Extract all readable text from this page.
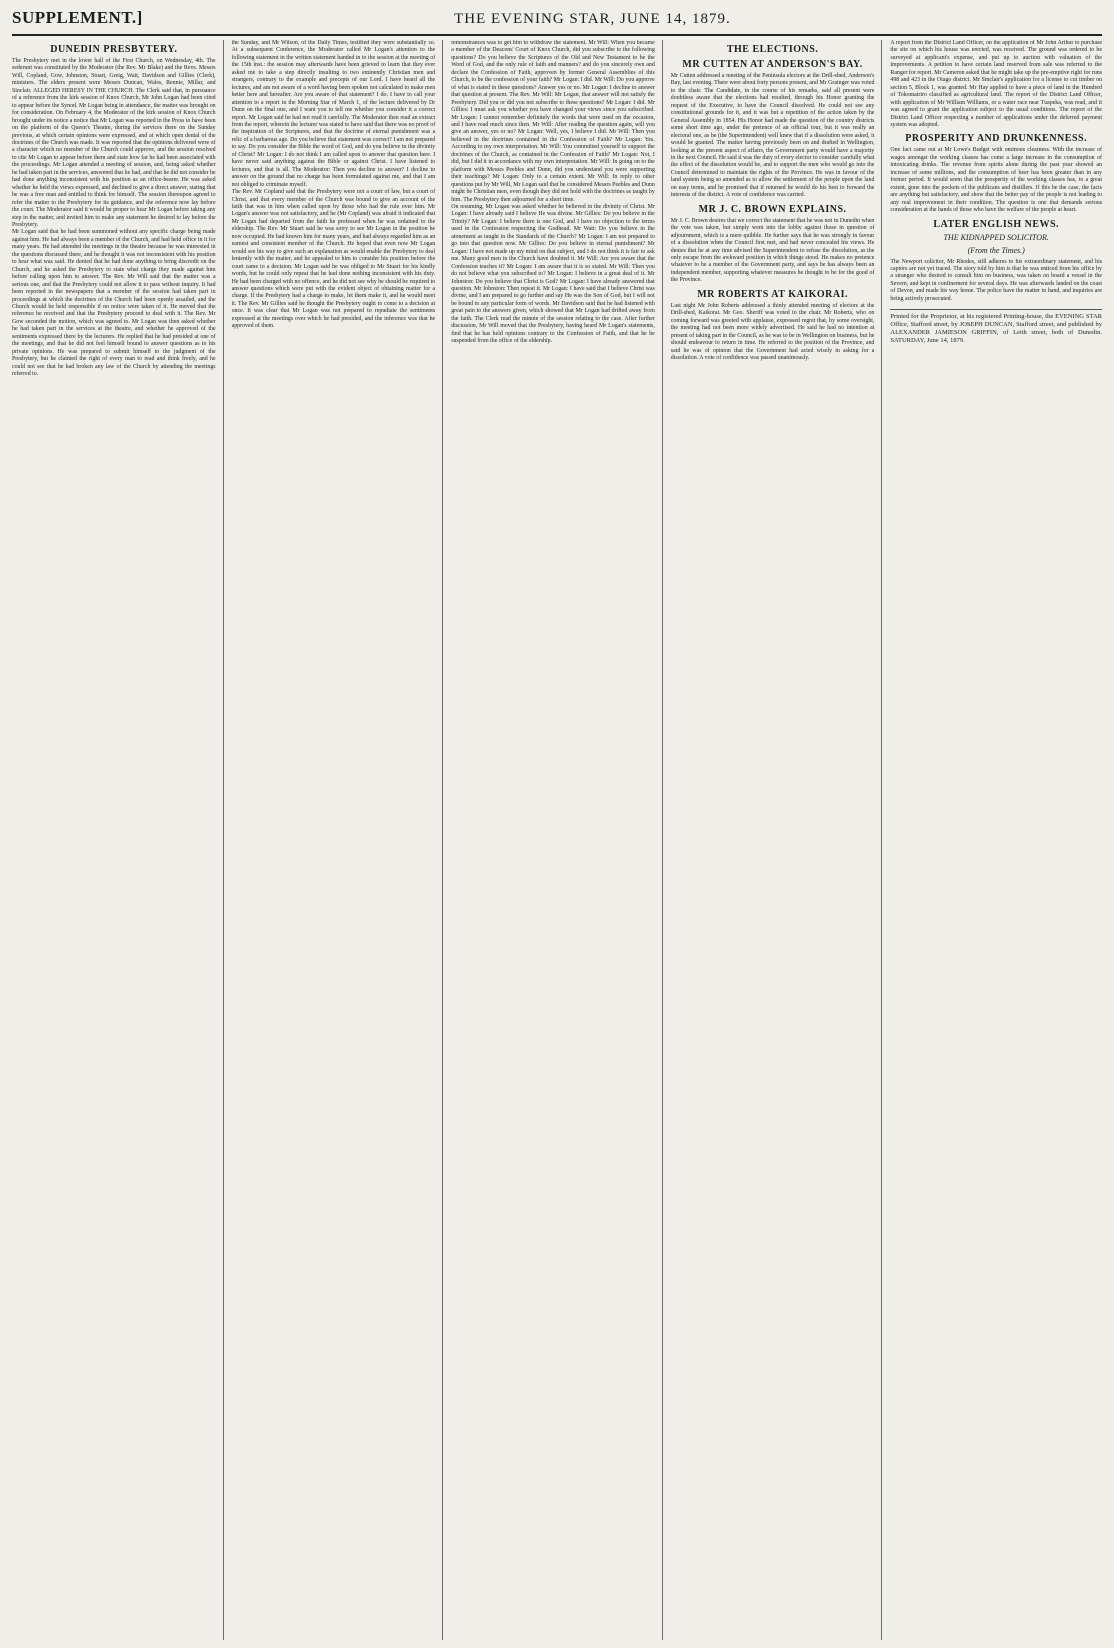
SUPPLEMENT.]	THE EVENING STAR, JUNE 14, 1879.
DUNEDIN PRESBYTERY.
The Presbytery met in the lower hall of the First Church, on Wednesday, 4th. The sederunt was constituted by the Moderator (the Rev. Mr Blake) and the Revs. Messrs Will, Copland, Gow, Johnston, Stuart, Greig, Watt, Davidson and Gillies (Clerk), ministers. The elders present were Messrs Duncan, Wales, Rennie, Millar, and Sinclair. ALLEGED HERESY IN THE CHURCH. The Clerk said that, in pursuance of a reference from the kirk session of Knox Church, Mr John Logan had been cited to appear before the Synod. Mr Logan being in attendance, the matter was brought on for consideration. On February 4, the Moderator of the kirk session of Knox Church brought under its notice a notice that Mr Logan was reported in the Press to have been on the platform of the Queen's Theatre, during the services there on the Sunday previous, at which certain opinions were expressed, and at which open denial of the doctrines of the Church was made. It was reported that the opinions delivered were of a character which no member of the Church could approve, and the session resolved to cite Mr Logan to appear before them and state how far he had been associated with the proceedings. Mr Logan attended a meeting of session, and, being asked whether he had taken part in the services, answered that he had, and that he did not consider he had done anything inconsistent with his position as an office-bearer. He was asked whether he held the views expressed, and declined to give a direct answer, stating that he was a free man and entitled to think for himself. The session thereupon agreed to refer the matter to the Presbytery for its guidance, and the reference now lay before the court. The Moderator said it would be proper to hear Mr Logan before taking any step in the matter, and invited him to make any statement he desired to lay before the Presbytery.
Mr Logan said that he had been summoned without any specific charge being made against him. He had always been a member of the Church, and had held office in it for many years. He had attended the meetings in the theatre because he was interested in the questions discussed there, and he thought it was not inconsistent with his position to hear what was said. He denied that he had done anything to bring discredit on the Church, and he asked the Presbytery to state what charge they made against him before calling upon him to answer. The Rev. Mr Will said that the matter was a serious one, and that the Presbytery could not allow it to pass without inquiry. It had been reported in the newspapers that a member of the session had taken part in proceedings at which the doctrines of the Church had been openly assailed, and the Church would be held responsible if no notice were taken of it. He moved that the reference be received and that the Presbytery proceed to deal with it. The Rev. Mr Gow seconded the motion, which was agreed to. Mr Logan was then asked whether he had taken part in the services at the theatre, and whether he approved of the sentiments expressed there by the lecturers. He replied that he had presided at one of the meetings, and that he did not feel himself bound to answer questions as to his private opinions. He was prepared to submit himself to the judgment of the Presbytery, but he claimed the right of every man to read and think freely, and he could not see that he had broken any law of the Church by attending the meetings referred to.
the Sunday, and Mr Wilson, of the Daily Times, testified they were substantially so. At a subsequent Conference, the Moderator called Mr Logan's attention to the following statement in the written statement handed in to the session at the meeting of the 15th inst.: the session may afterwards have been grieved to learn that they ever asked me to take a step directly insulting to two eminently Christian men and strangers, contrary to the example and precepts of our Lord. I have heard all the lectures, and am not aware of a word having been spoken not calculated to make men better here and hereafter. Are you aware of that statement? I do. I have to call your attention to a report in the Morning Star of March 1, of the lecture delivered by Dr Dunn on the final one, and I want you to tell me whether you consider it a correct report. Mr Logan said he had not read it carefully. The Moderator then read an extract from the report, wherein the lecturer was stated to have said that there was no proof of the inspiration of the Scriptures, and that the doctrine of eternal punishment was a relic of a barbarous age. Do you believe that statement was correct? I am not prepared to say. Do you consider the Bible the word of God, and do you believe in the divinity of Christ? Mr Logan: I do not think I am called upon to answer that question here. I have never said anything against the Bible or against Christ. I have listened to lectures, and that is all. The Moderator: Then you decline to answer? I decline to answer on the ground that no charge has been formulated against me, and that I am not obliged to criminate myself.
The Rev. Mr Copland said that the Presbytery were not a court of law, but a court of Christ, and that every member of the Church was bound to give an account of the faith that was in him when called upon by those who had the rule over him. Mr Logan's answer was not satisfactory, and he (Mr Copland) was afraid it indicated that Mr Logan had departed from the faith he professed when he was ordained to the eldership. The Rev. Mr Stuart said he was sorry to see Mr Logan in the position he now occupied. He had known him for many years, and had always regarded him as an earnest and consistent member of the Church. He hoped that even now Mr Logan would see his way to give such an explanation as would enable the Presbytery to deal leniently with the matter, and he appealed to him to consider his position before the court came to a decision. Mr Logan said he was obliged to Mr Stuart for his kindly words, but he could only repeat that he had done nothing inconsistent with his duty. He had been charged with no offence, and he did not see why he should be required to answer questions which were put with the evident object of obtaining matter for a charge. If the Presbytery had a charge to make, let them make it, and he would meet it. The Rev. Mr Gillies said he thought the Presbytery ought to come to a decision at once. It was clear that Mr Logan was not prepared to repudiate the sentiments expressed at the meetings over which he had presided, and the inference was that he approved of them.
remonstrances was to get him to withdraw the statement. Mr Will: When you became a member of the Deacons' Court of Knox Church, did you subscribe to the following questions? Do you believe the Scriptures of the Old and New Testament to be the Word of God, and the only rule of faith and manners? and do you sincerely own and declare the Confession of Faith, approven by former General Assemblies of this Church, to be the confession of your faith? Mr Logan: I did. Mr Will: Do you approve of what is stated in these questions? Answer yes or no. Mr Logan: I decline to answer that question at present. The Rev. Mr Will: Mr Logan, that answer will not satisfy the Presbytery. Did you or did you not subscribe to these questions? Mr Logan: I did. Mr Gillies: I must ask you whether you have changed your views since you subscribed. Mr Logan: I cannot remember definitely the words that were used on the occasion, and I have read much since then. Mr Will: After reading the question again, will you give an answer, yes or no? Mr Logan: Well, yes, I believe I did. Mr Will: Then you believed in the doctrines contained in the Confession of Faith? Mr Logan: Yes. According to my own interpretation. Mr Will: You committed yourself to support the doctrines of the Church, as contained in the Confession of Faith? Mr Logan: Not, I did, but I did it in accordance with my own interpretation. Mr Will: In going on to the platform with Messrs Peebles and Dunn, did you understand you were supporting their teachings? Mr Logan: Only to a certain extent. Mr Will: In reply to other questions put by Mr Will, Mr Logan said that he considered Messrs Peebles and Dunn might be Christian men, even though they did not hold with the doctrines as taught by him. The Presbytery then adjourned for a short time.
On resuming, Mr Logan was asked whether he believed in the divinity of Christ. Mr Logan: I have already said I believe He was divine. Mr Gillies: Do you believe in the Trinity? Mr Logan: I believe there is one God, and I have no objection to the terms used in the Confession respecting the Godhead. Mr Watt: Do you believe in the atonement as taught in the Standards of the Church? Mr Logan: I am not prepared to go into that question now. Mr Gillies: Do you believe in eternal punishment? Mr Logan: I have not made up my mind on that subject, and I do not think it is fair to ask me. Many good men in the Church have doubted it. Mr Will: Are you aware that the Confession teaches it? Mr Logan: I am aware that it is so stated. Mr Will: Then you do not believe what you subscribed to? Mr Logan: I believe in a great deal of it. Mr Johnston: Do you believe that Christ is God? Mr Logan: I have already answered that question. Mr Johnston: Then repeat it. Mr Logan: I have said that I believe Christ was divine, and I am prepared to go further and say He was the Son of God, but I will not be bound to any particular form of words. Mr Davidson said that he had listened with great pain to the answers given, which showed that Mr Logan had drifted away from the faith. The Clerk read the minute of the session relating to the case. After further discussion, Mr Will moved that the Presbytery, having heard Mr Logan's statements, find that he has held opinions contrary to the Confession of Faith, and that he be suspended from the office of the eldership.
THE ELECTIONS.
MR CUTTEN AT ANDERSON'S BAY.
Mr Cutten addressed a meeting of the Peninsula electors at the Drill-shed, Anderson's Bay, last evening. There were about forty persons present, and Mr Grainger was voted to the chair. The Candidate, in the course of his remarks, said all present were doubtless aware that the elections had resulted, through his Honor granting the request of the Executive, to have the Council dissolved. He could not see any constitutional grounds for it, and it was but a repetition of the action taken by the General Assembly in 1854. His Honor had made the question of the country districts some short time ago, under the pretence of an official tour, but it was really an electoral one, as he (the Superintendent) well knew that if a dissolution were asked, it would be granted. The matter having previously been on and drafted in Wellington, looking at the present aspect of affairs, the Government party would have a majority in the next Council. He said it was the duty of every elector to consider carefully what the effect of the dissolution would be, and to support the men who would go into the Council determined to maintain the rights of the Province. He was in favour of the land system being so amended as to allow the settlement of the people upon the land on easy terms, and he promised that if returned he would do his best to forward the interests of the district. A vote of confidence was carried.
MR J. C. BROWN EXPLAINS.
Mr J. C. Brown desires that we correct the statement that he was not in Dunedin when the vote was taken, but simply went into the lobby against those in question of adjournment, which is a mere quibble. He further says that he was strongly in favour of a dissolution when the Council first met, and had never concealed his views. He denies that he at any time advised the Superintendent to refuse the dissolution, as the only escape from the awkward position in which things stood. He makes no pretence whatever to be a member of the Government party, and says he has always been an independent member, supporting whatever measures he thought to be for the good of the Province.
MR ROBERTS AT KAIKORAI.
Last night Mr John Roberts addressed a thinly attended meeting of electors at the Drill-shed, Kaikorai. Mr Geo. Sheriff was voted to the chair. Mr Roberts, who on coming forward was greeted with applause, expressed regret that, by some oversight, the meeting had not been more widely advertised. He said he had no intention at present of taking part in the Council, as he was to be in Wellington on business, but he should endeavour to return in time. He referred to the position of the Province, and said he was of opinion that the Government had acted wisely in asking for a dissolution. A vote of confidence was passed unanimously.
A report from the District Land Officer, on the application of Mr John Arthur to purchase the site on which his house was erected, was received. The ground was ordered to be surveyed at applicant's expense, and put up to auction with valuation of the improvements. A petition to have certain land reserved from sale was referred to the Ranger for report. Mr Cameron asked that he might take up the pre-emptive right for runs 498 and 423 in the Otago district. Mr Sinclair's application for a license to cut timber on section 5, Block 1, was granted. Mr Hay applied to have a piece of land in the Hundred of Tokomairiro classified as agricultural land. The report of the District Land Officer, with application of Mr William Williams, or a water race near Tuapeka, was read, and it was agreed to grant the application subject to the usual conditions. The report of the District Land Officer respecting a number of applications under the deferred payment system was adopted.
PROSPERITY AND DRUNKENNESS.
One fact came out at Mr Lowe's Budget with ominous clearness. With the increase of wages amongst the working classes has come a large increase in the consumption of intoxicating drinks. The revenue from spirits alone during the past year showed an increase of some millions, and the consumption of beer has been greater than in any former period. It would seem that the prosperity of the working classes has, to a great extent, gone into the pockets of the publicans and distillers. If this be the case, the facts are anything but satisfactory, and show that the better pay of the people is not leading to any real improvement in their condition. The question is one that demands serious consideration at the hands of those who have the welfare of the people at heart.
LATER ENGLISH NEWS.
THE KIDNAPPED SOLICITOR.
(From the Times.)
The Newport solicitor, Mr Rhodes, still adheres to his extraordinary statement, and his captors are not yet traced. The story told by him is that he was enticed from his office by a stranger who desired to consult him on business, was taken on board a vessel in the Severn, and kept in confinement for several days. He was afterwards landed on the coast of Devon, and made his way home. The police have the matter in hand, and inquiries are being actively prosecuted.
Printed for the Proprietor, at his registered Printing-house, the EVENING STAR Office, Stafford street, by JOSEPH DUNCAN, Stafford street, and published by ALEXANDER JAMIESON GRIFFIN, of Leith street, both of Dunedin. SATURDAY, June 14, 1879.
